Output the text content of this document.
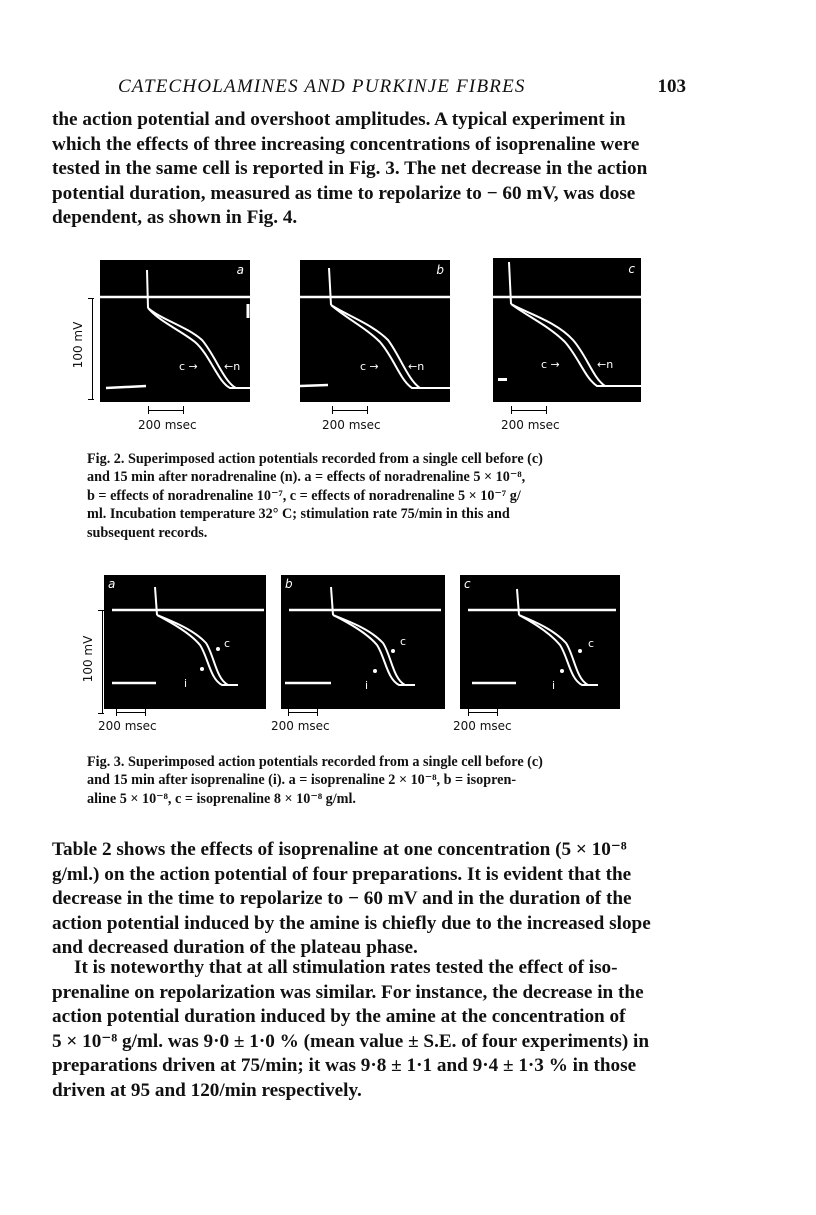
CATECHOLAMINES AND PURKINJE FIBRES	103
the action potential and overshoot amplitudes. A typical experiment in
which the effects of three increasing concentrations of isoprenaline were
tested in the same cell is reported in Fig. 3. The net decrease in the action
potential duration, measured as time to repolarize to − 60 mV, was dose
dependent, as shown in Fig. 4.
100 mV
a
c → ←n
200 msec
b
c →	←n
200 msec
c
c →	←n
200 msec
Fig. 2. Superimposed action potentials recorded from a single cell before (c)
and 15 min after noradrenaline (n). a = effects of noradrenaline 5 × 10⁻⁸,
b = effects of noradrenaline 10⁻⁷, c = effects of noradrenaline 5 × 10⁻⁷ g/
ml. Incubation temperature 32° C; stimulation rate 75/min in this and
subsequent records.
100 mV
a
c
i
200 msec
b
c
i
200 msec
c
c
i
200 msec
Fig. 3. Superimposed action potentials recorded from a single cell before (c)
and 15 min after isoprenaline (i). a = isoprenaline 2 × 10⁻⁸, b = isopren-
aline 5 × 10⁻⁸, c = isoprenaline 8 × 10⁻⁸ g/ml.
Table 2 shows the effects of isoprenaline at one concentration (5 × 10⁻⁸
g/ml.) on the action potential of four preparations. It is evident that the
decrease in the time to repolarize to − 60 mV and in the duration of the
action potential induced by the amine is chiefly due to the increased slope
and decreased duration of the plateau phase.
It is noteworthy that at all stimulation rates tested the effect of iso-
prenaline on repolarization was similar. For instance, the decrease in the
action potential duration induced by the amine at the concentration of
5 × 10⁻⁸ g/ml. was 9·0 ± 1·0 % (mean value ± S.E. of four experiments) in
preparations driven at 75/min; it was 9·8 ± 1·1 and 9·4 ± 1·3 % in those
driven at 95 and 120/min respectively.
